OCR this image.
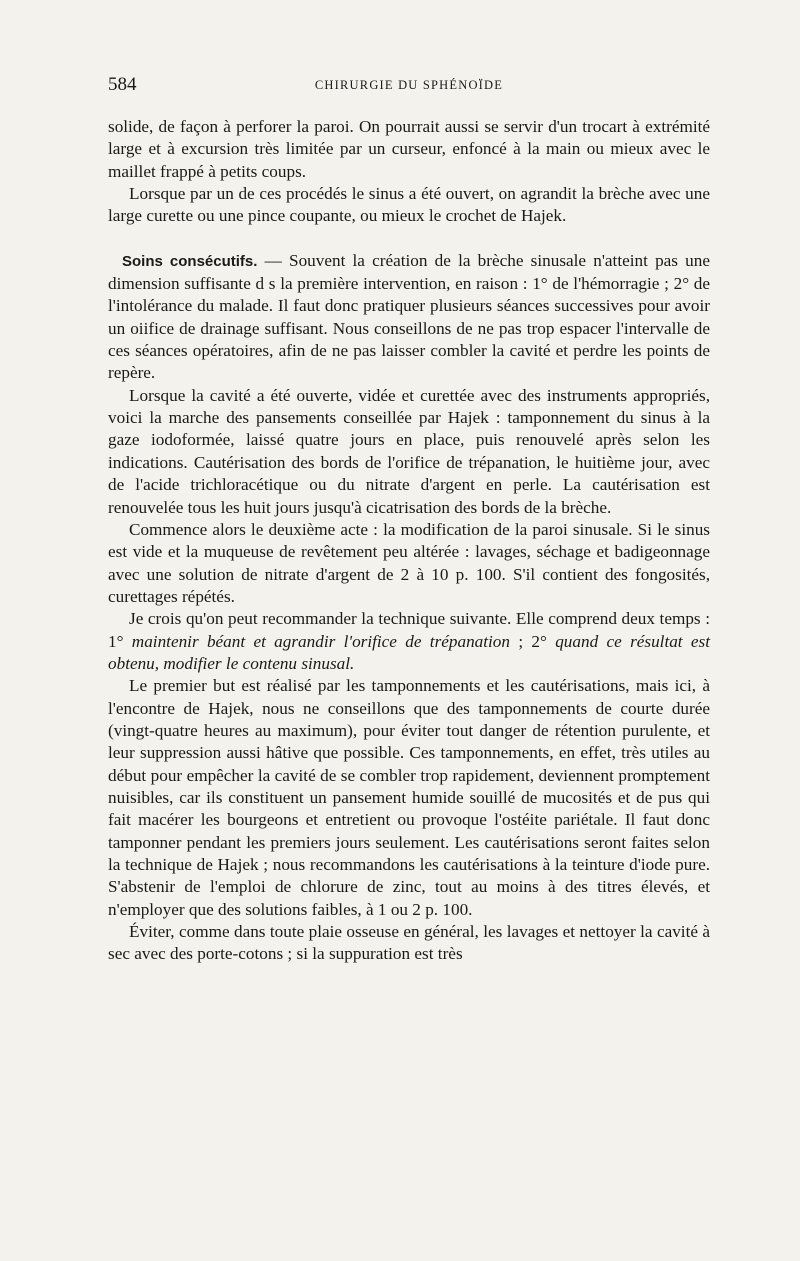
584	CHIRURGIE DU SPHÉNOÏDE

solide, de façon à perforer la paroi. On pourrait aussi se servir d'un trocart à extrémité large et à excursion très limitée par un curseur, enfoncé à la main ou mieux avec le maillet frappé à petits coups.

Lorsque par un de ces procédés le sinus a été ouvert, on agrandit la brèche avec une large curette ou une pince coupante, ou mieux le crochet de Hajek.

Soins consécutifs. — Souvent la création de la brèche sinusale n'atteint pas une dimension suffisante d s la première intervention, en raison : 1° de l'hémorragie ; 2° de l'intolérance du malade. Il faut donc pratiquer plusieurs séances successives pour avoir un oiifice de drainage suffisant. Nous conseillons de ne pas trop espacer l'intervalle de ces séances opératoires, afin de ne pas laisser combler la cavité et perdre les points de repère.

Lorsque la cavité a été ouverte, vidée et curettée avec des instruments appropriés, voici la marche des pansements conseillée par Hajek : tamponnement du sinus à la gaze iodoformée, laissé quatre jours en place, puis renouvelé après selon les indications. Cautérisation des bords de l'orifice de trépanation, le huitième jour, avec de l'acide trichloracétique ou du nitrate d'argent en perle. La cautérisation est renouvelée tous les huit jours jusqu'à cicatrisation des bords de la brèche.

Commence alors le deuxième acte : la modification de la paroi sinusale. Si le sinus est vide et la muqueuse de revêtement peu altérée : lavages, séchage et badigeonnage avec une solution de nitrate d'argent de 2 à 10 p. 100. S'il contient des fongosités, curettages répétés.

Je crois qu'on peut recommander la technique suivante. Elle comprend deux temps : 1° maintenir béant et agrandir l'orifice de trépanation ; 2° quand ce résultat est obtenu, modifier le contenu sinusal.

Le premier but est réalisé par les tamponnements et les cautérisations, mais ici, à l'encontre de Hajek, nous ne conseillons que des tamponnements de courte durée (vingt-quatre heures au maximum), pour éviter tout danger de rétention purulente, et leur suppression aussi hâtive que possible. Ces tamponnements, en effet, très utiles au début pour empêcher la cavité de se combler trop rapidement, deviennent promptement nuisibles, car ils constituent un pansement humide souillé de mucosités et de pus qui fait macérer les bourgeons et entretient ou provoque l'ostéite pariétale. Il faut donc tamponner pendant les premiers jours seulement. Les cautérisations seront faites selon la technique de Hajek ; nous recommandons les cautérisations à la teinture d'iode pure. S'abstenir de l'emploi de chlorure de zinc, tout au moins à des titres élevés, et n'employer que des solutions faibles, à 1 ou 2 p. 100.

Éviter, comme dans toute plaie osseuse en général, les lavages et nettoyer la cavité à sec avec des porte-cotons ; si la suppuration est très
